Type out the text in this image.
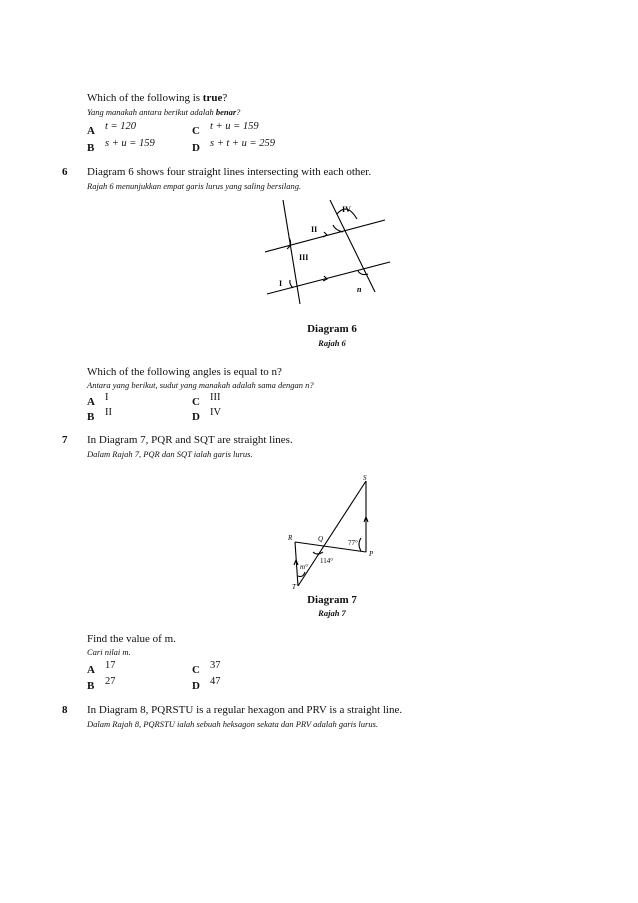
Which of the following is true?
Yang manakah antara berikut adalah benar?
A t = 120	C t + u = 159
B s + u = 159	D s + t + u = 259
6 Diagram 6 shows four straight lines intersecting with each other.
Rajah 6 menunjukkan empat garis lurus yang saling bersilang.
IV
II
III
I
n
Diagram 6
Rajah 6
Which of the following angles is equal to n?
Antara yang berikut, sudut yang manakah adalah sama dengan n?
A I	C III
B II	D IV
7 In Diagram 7, PQR and SQT are straight lines.
Dalam Rajah 7, PQR dan SQT ialah garis lurus.
S
R	Q
P
T
77°
114°
m°
Diagram 7
Rajah 7
Find the value of m.
Cari nilai m.
A 17	C 37
B 27	D 47
8 In Diagram 8, PQRSTU is a regular hexagon and PRV is a straight line.
Dalam Rajah 8, PQRSTU ialah sebuah heksagon sekata dan PRV adalah garis lurus.
